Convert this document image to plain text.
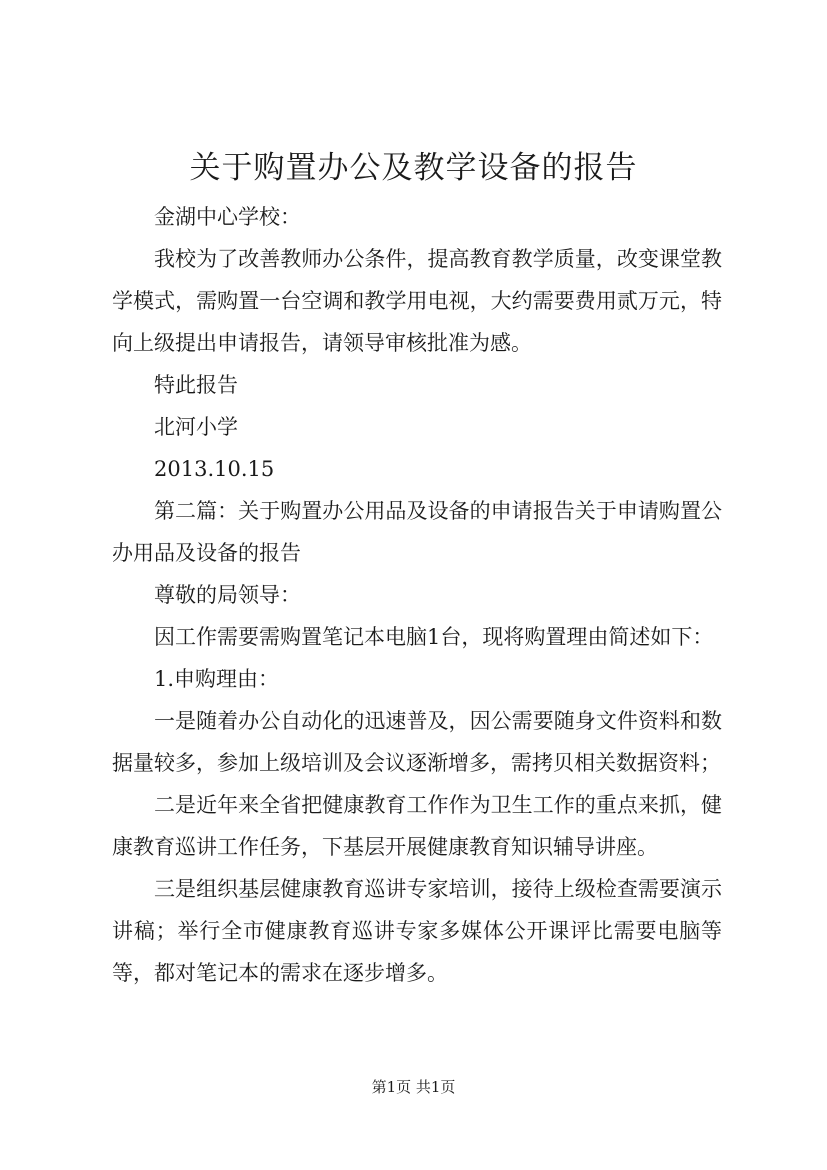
关于购置办公及教学设备的报告

金湖中心学校：

我校为了改善教师办公条件，提高教育教学质量，改变课堂教学模式，需购置一台空调和教学用电视，大约需要费用贰万元，特向上级提出申请报告，请领导审核批准为感。

特此报告

北河小学

2013.10.15

第二篇：关于购置办公用品及设备的申请报告关于申请购置公办用品及设备的报告

尊敬的局领导：

因工作需要需购置笔记本电脑1台，现将购置理由简述如下：

1.申购理由：

一是随着办公自动化的迅速普及，因公需要随身文件资料和数据量较多，参加上级培训及会议逐渐增多，需拷贝相关数据资料；

二是近年来全省把健康教育工作作为卫生工作的重点来抓，健康教育巡讲工作任务，下基层开展健康教育知识辅导讲座。

三是组织基层健康教育巡讲专家培训，接待上级检查需要演示讲稿；举行全市健康教育巡讲专家多媒体公开课评比需要电脑等等，都对笔记本的需求在逐步增多。

第1页 共1页
